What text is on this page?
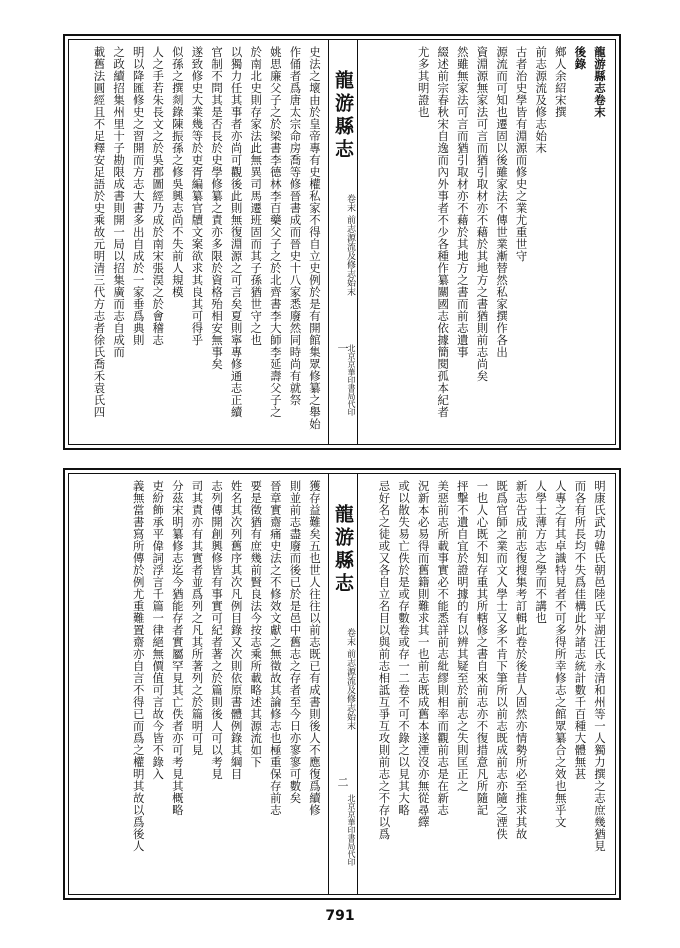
龍游縣志卷末

後錄

鄉人余紹宋撰

前志源流及修志始末

古者治史學皆有淵源而修史之業尤重世守

源流而可知也遷固以後雖家法不傳世業漸替然私家撰作各出

資淵源無家法可言而猶引取材亦不藉於其地方之書猶則前志尚矣

然雖無家法可言而猶引取材亦不藉於其地方之書而前志遺事

綴述前宗春秋宋自逸而內外事者不少各種作纂關國志依據簡閱孤本紀者

尤多其明證也

龍游縣志
卷末 前志源流及修志始末
一
北京京華印書局代印

史法之壞由於皇帝專有史權私家不得自立史例於是有開館集眾修纂之舉始

作俑者爲唐太宗命房喬等修晉書成而晉史十八家悉廢然同時尚有就祭

姚思廉父子之於梁書李德林李百藥父子之於北齊書李大師李延壽父子之

於南北史則存家法此無異司馬遷班固而其子孫猶世守之也

以獨力任其事者亦尚可觀後此則無復淵源之可言矣夏則寧專修通志正續

官制不問其是否長於史學修纂之責亦多限於資格殆相安無事矣

遂致修史大業幾等於吏胥編纂官牘文案欲求其良其可得乎

似孫之撰剡錄陳振孫之修吳興志尚不失前人規模

人之手若朱長文之於吳郡圖經乃成於南宋張淏之於會稽志

明以降匯修史之習開而方志大書多出自成於一家垂爲典則

之政續招集州里十子勘限成書則開一局以招集廣而志自成而

載舊法圓經且不足釋安足語於史乘故元明清三代方志者徐氏喬禾袁氏四

明康氏武功韓氏朝邑陸氏平湖汪氏永清和州等一人獨力撰之志庶幾猶見

而各有所長均不失爲佳構此外諸志統計數千百種大體無甚

人專之有其卓識特見者不可多得所幸修志之館眾纂合之效也無乎文

人學士薄方志之學而不講也

新志告成前志復搜集考訂輯此卷於後昔人固然亦情勢所必至推求其故

既爲官師之業而文人學士又多不肯下筆所以前志既成前志亦隨之湮佚

一也人心既不知存重其所轄修之書自來前志亦不復措意凡所隨記

抨擊不遺自宜於證明據的有以辨其疑至於前志之失則匡正之

美惡前志所載事實必不能悉詳前志紕繆則相率而觀前志是在新志

況新本必易得而舊籍則難求其一也前志既成舊本遂湮沒亦無從尋繹

或以散失易亡佚於是或存數卷或存一二卷不可不錄之以見其大略

忌好名之徒或又各自立名目以與前志相詆互爭互攻則前志之不存以爲

龍游縣志
卷末 前志源流及修志始末
二
北京京華印書局代印

獲存益難矣五也世人往往以前志既已有成書則後人不應復爲續修

則並前志盡廢而後已於是邑中舊志之存者至今日亦寥寥可數矣

晉章實齋痛史法之不修效文獻之無徵故其論修志也極重保存前志

要是徵猶有庶幾前賢良法今按志乘所載略述其源流如下

姓名其次列舊序其次凡例目錄又次則依原書體例錄其綱目

志列傳開創興修皆有事實可紀者著之於篇則後人可以考見

司其責亦有其實者並爲列之凡其所著列之於篇明可見

分茲宋明纂修志迄今猶能存者實屬罕見其亡佚者亦可考見其概略

吏紛飾承平偉詞浮言千篇一律絕無價值可言故今皆不錄入

義無當書寫所傳於例尤重難置齋亦自言不得已而爲之權明其故以爲後人

791
